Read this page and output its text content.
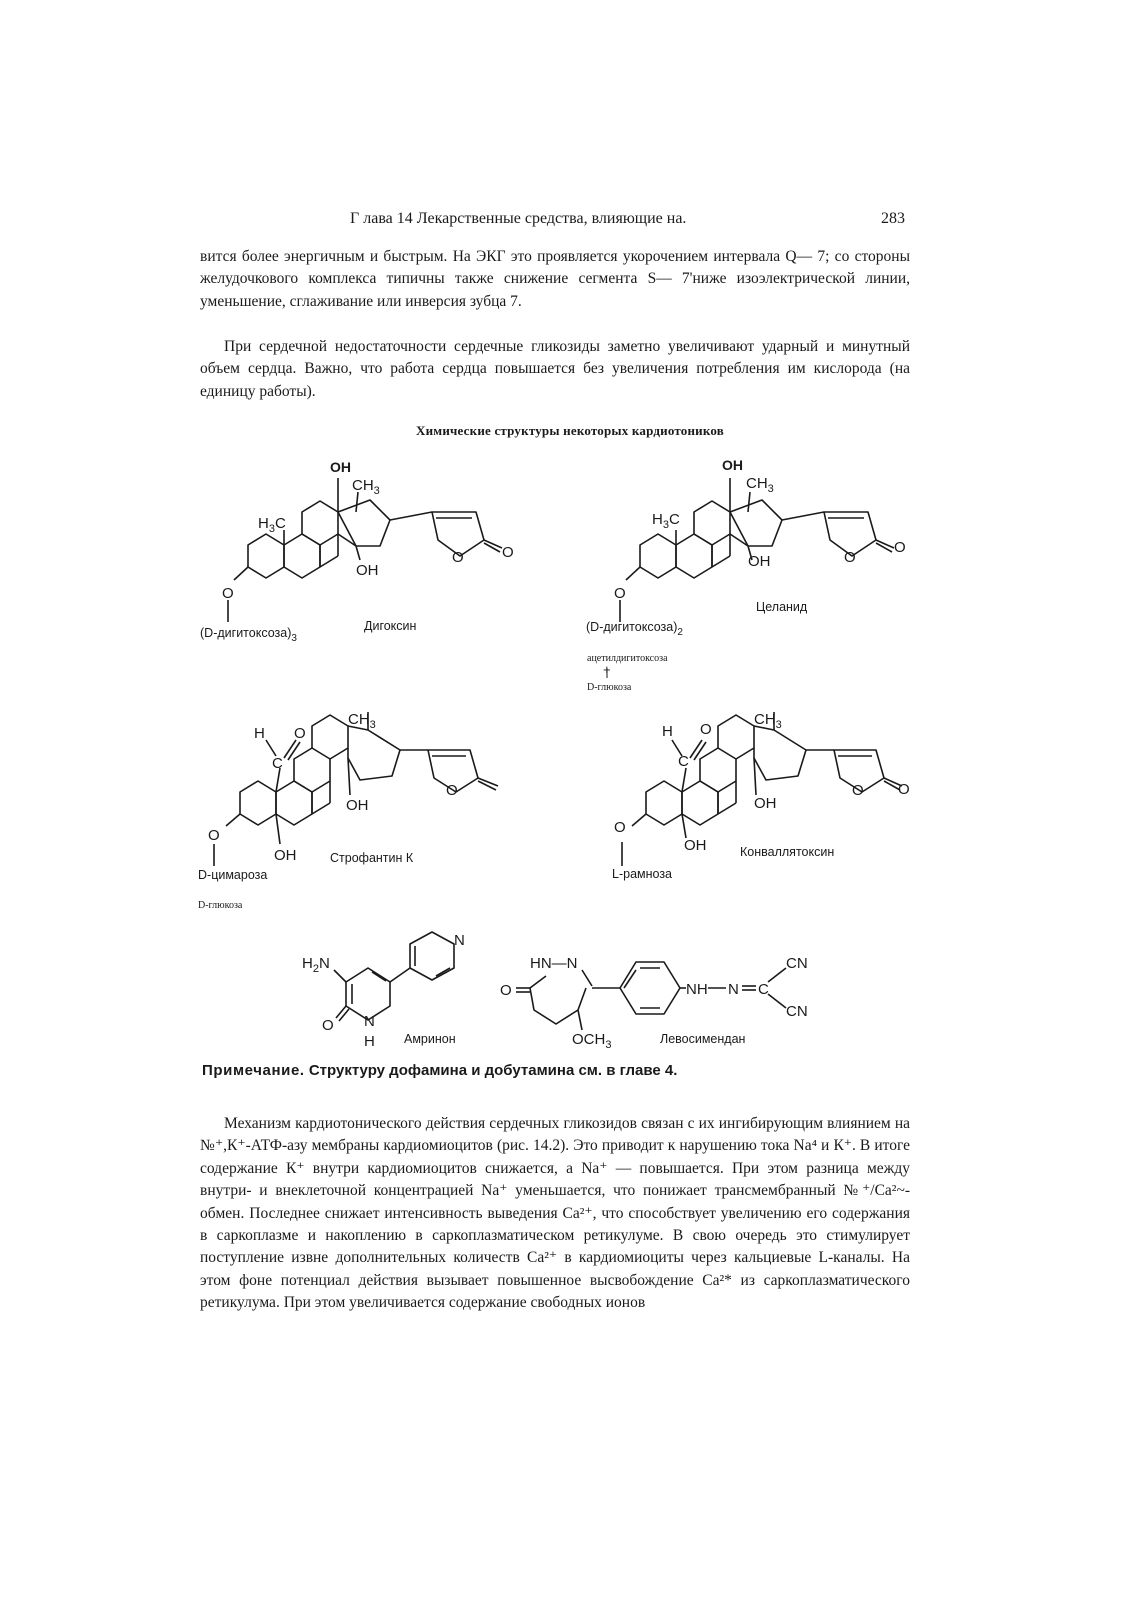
Г лава 14 Лекарственные средства, влияющие на.	283

вится более энергичным и быстрым. На ЭКГ это проявляется укорочением интервала Q— 7; со стороны желудочкового комплекса типичны также снижение сегмента S— 7'ниже изоэлектрической линии, уменьшение, сглаживание или инверсия зубца 7.

При сердечной недостаточности сердечные гликозиды заметно увеличивают ударный и минутный объем сердца. Важно, что работа сердца повышается без увеличения потребления им кислорода (на единицу работы).

Химические структуры некоторых кардиотоников
OH
$CH_3$
$H_3C$
OH
O	O
O
$(D-дигитоксоза)_3$
Дигоксин
OH
$CH_3$
$H_3C$
OH	O
O
O
$(D-дигитоксоза)_2$
Целанид
ацетилдигитоксоза
+
D-глюкоза
H
C
O
$CH_3$
OH
OH
O
O
Строфантин К
D-цимароза
D-глюкоза
H
C
O
$CH_3$
OH
OH
O O
O
Конваллятоксин
L-рамноза
$H_2N$
N
O N
H Амринон
HN—N
O	NH N C
CN
CN
$OCH_3$	Левосимендан
Примечание. Структуру дофамина и добутамина см. в главе 4.

Механизм кардиотонического действия сердечных гликозидов связан с их ингибирующим влиянием на №⁺,К⁺-АТФ-азу мембраны кардиомиоцитов (рис. 14.2). Это приводит к нарушению тока Na⁴ и К⁺. В итоге содержание К⁺ внутри кардиомиоцитов снижается, а Na⁺ — повышается. При этом разница между внутри- и внеклеточной концентрацией Na⁺ уменьшается, что понижает трансмембранный №⁺/Са²~-обмен. Последнее снижает интенсивность выведения Са²⁺, что способствует увеличению его содержания в саркоплазме и накоплению в саркоплазматическом ретикулуме. В свою очередь это стимулирует поступление извне дополнительных количеств Са²⁺ в кардиомиоциты через кальциевые L-каналы. На этом фоне потенциал действия вызывает повышенное высвобождение Са²* из саркоплазматического ретикулума. При этом увеличивается содержание свободных ионов
